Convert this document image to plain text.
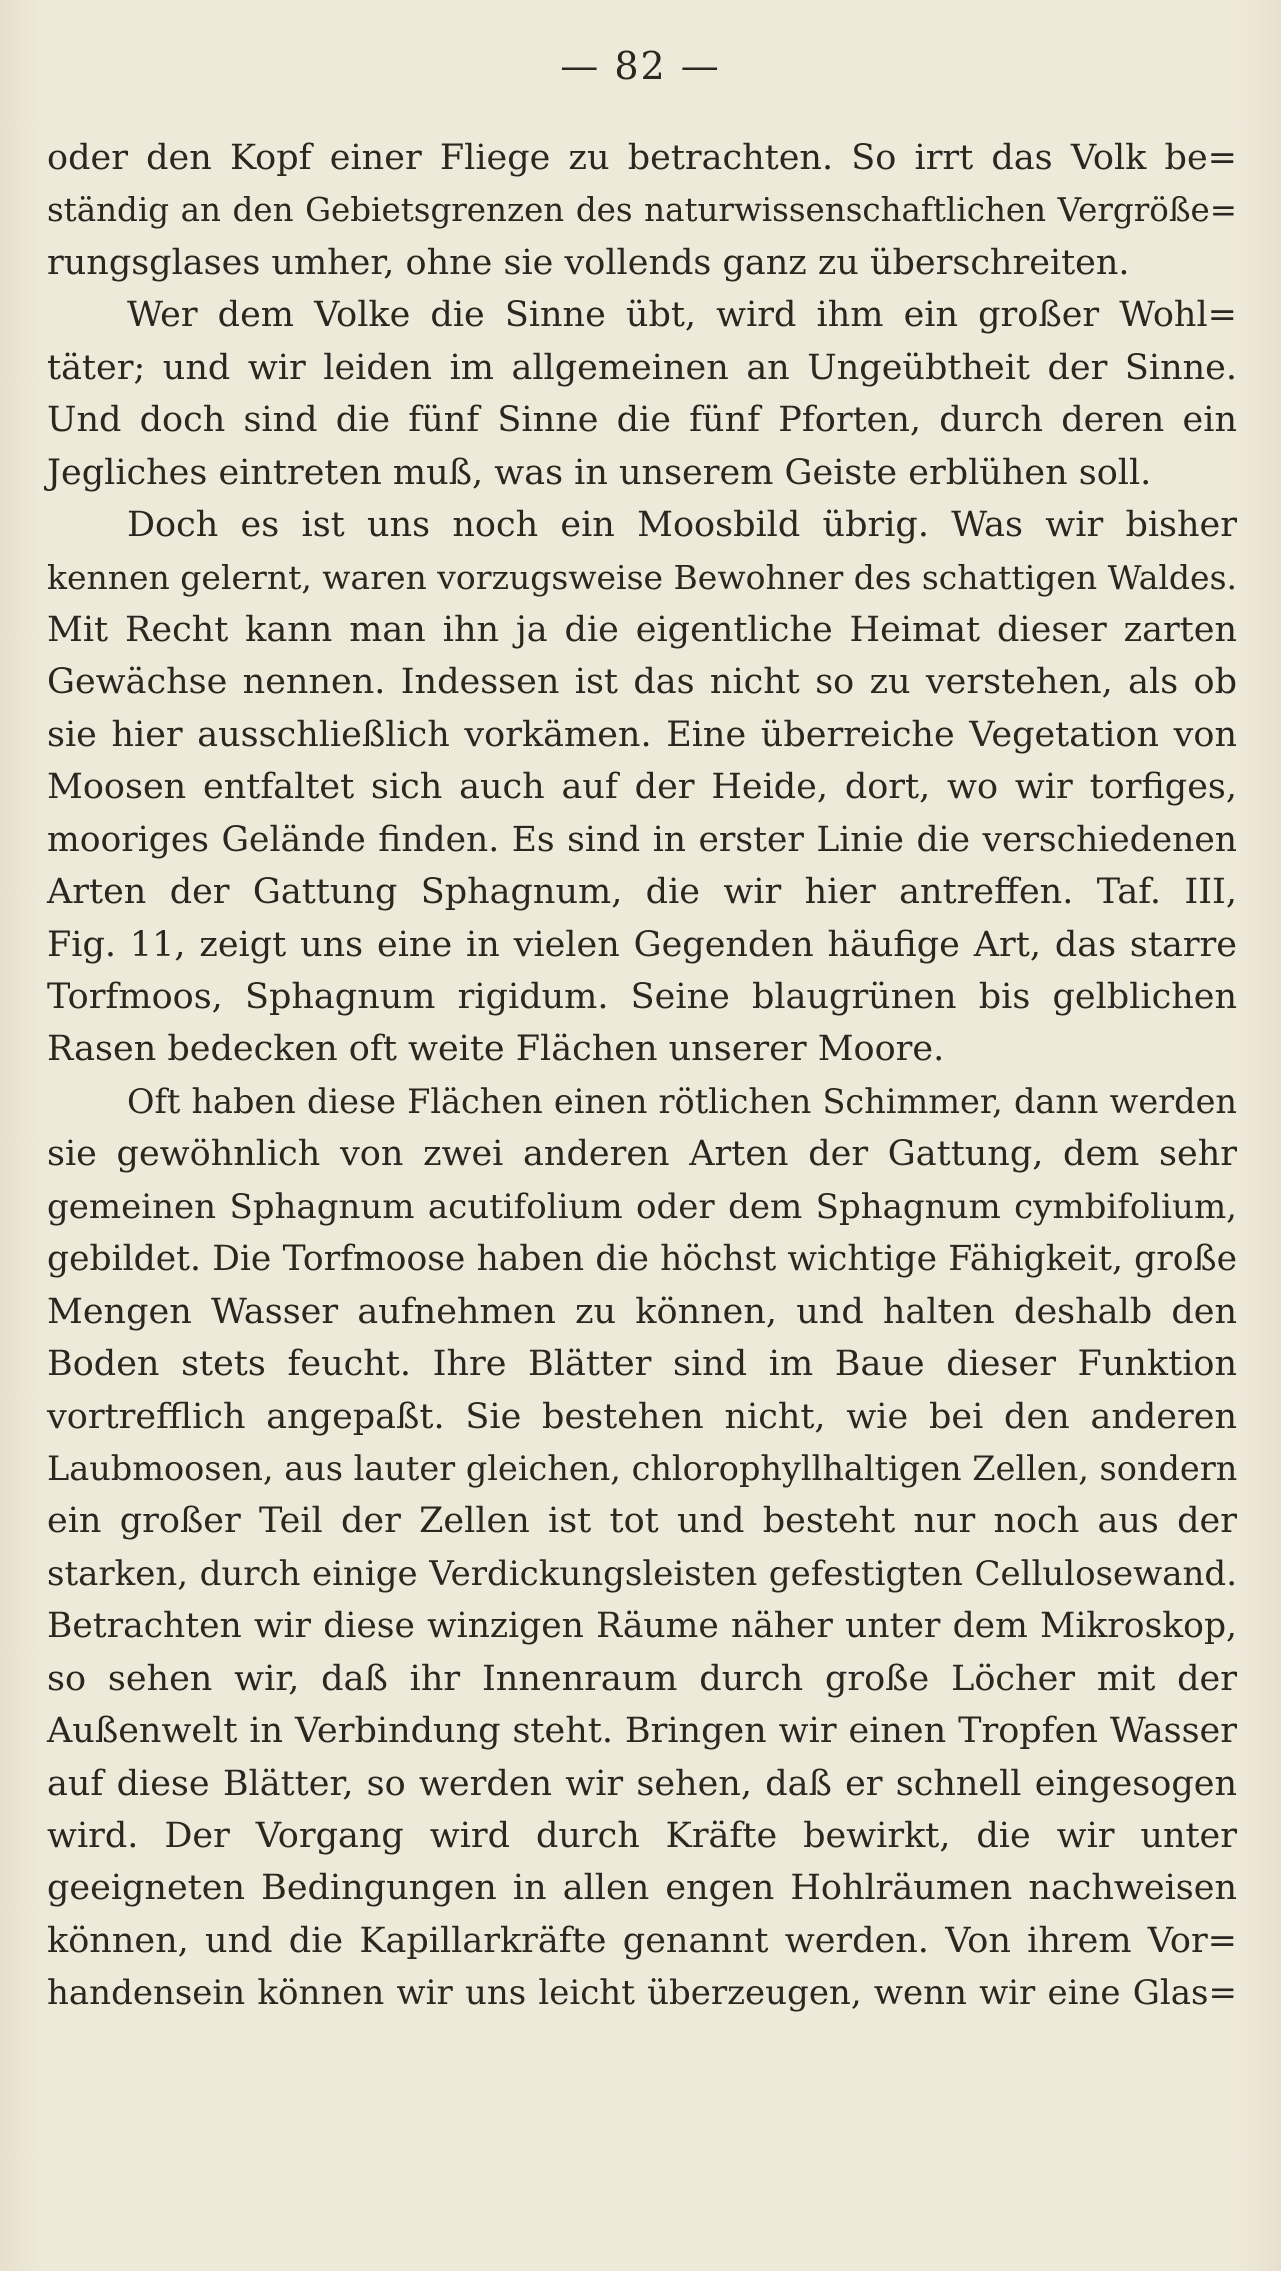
— 82 —
oder den Kopf einer Fliege zu betrachten. So irrt das Volk be=
ständig an den Gebietsgrenzen des naturwissenschaftlichen Vergröße=
rungsglases umher, ohne sie vollends ganz zu überschreiten.
Wer dem Volke die Sinne übt, wird ihm ein großer Wohl=
täter; und wir leiden im allgemeinen an Ungeübtheit der Sinne.
Und doch sind die fünf Sinne die fünf Pforten, durch deren ein
Jegliches eintreten muß, was in unserem Geiste erblühen soll.
Doch es ist uns noch ein Moosbild übrig. Was wir bisher
kennen gelernt, waren vorzugsweise Bewohner des schattigen Waldes.
Mit Recht kann man ihn ja die eigentliche Heimat dieser zarten
Gewächse nennen. Indessen ist das nicht so zu verstehen, als ob
sie hier ausschließlich vorkämen. Eine überreiche Vegetation von
Moosen entfaltet sich auch auf der Heide, dort, wo wir torfiges,
mooriges Gelände finden. Es sind in erster Linie die verschiedenen
Arten der Gattung Sphagnum, die wir hier antreffen. Taf. III,
Fig. 11, zeigt uns eine in vielen Gegenden häufige Art, das starre
Torfmoos, Sphagnum rigidum. Seine blaugrünen bis gelblichen
Rasen bedecken oft weite Flächen unserer Moore.
Oft haben diese Flächen einen rötlichen Schimmer, dann werden
sie gewöhnlich von zwei anderen Arten der Gattung, dem sehr
gemeinen Sphagnum acutifolium oder dem Sphagnum cymbifolium,
gebildet. Die Torfmoose haben die höchst wichtige Fähigkeit, große
Mengen Wasser aufnehmen zu können, und halten deshalb den
Boden stets feucht. Ihre Blätter sind im Baue dieser Funktion
vortrefflich angepaßt. Sie bestehen nicht, wie bei den anderen
Laubmoosen, aus lauter gleichen, chlorophyllhaltigen Zellen, sondern
ein großer Teil der Zellen ist tot und besteht nur noch aus der
starken, durch einige Verdickungsleisten gefestigten Cellulosewand.
Betrachten wir diese winzigen Räume näher unter dem Mikroskop,
so sehen wir, daß ihr Innenraum durch große Löcher mit der
Außenwelt in Verbindung steht. Bringen wir einen Tropfen Wasser
auf diese Blätter, so werden wir sehen, daß er schnell eingesogen
wird. Der Vorgang wird durch Kräfte bewirkt, die wir unter
geeigneten Bedingungen in allen engen Hohlräumen nachweisen
können, und die Kapillarkräfte genannt werden. Von ihrem Vor=
handensein können wir uns leicht überzeugen, wenn wir eine Glas=
